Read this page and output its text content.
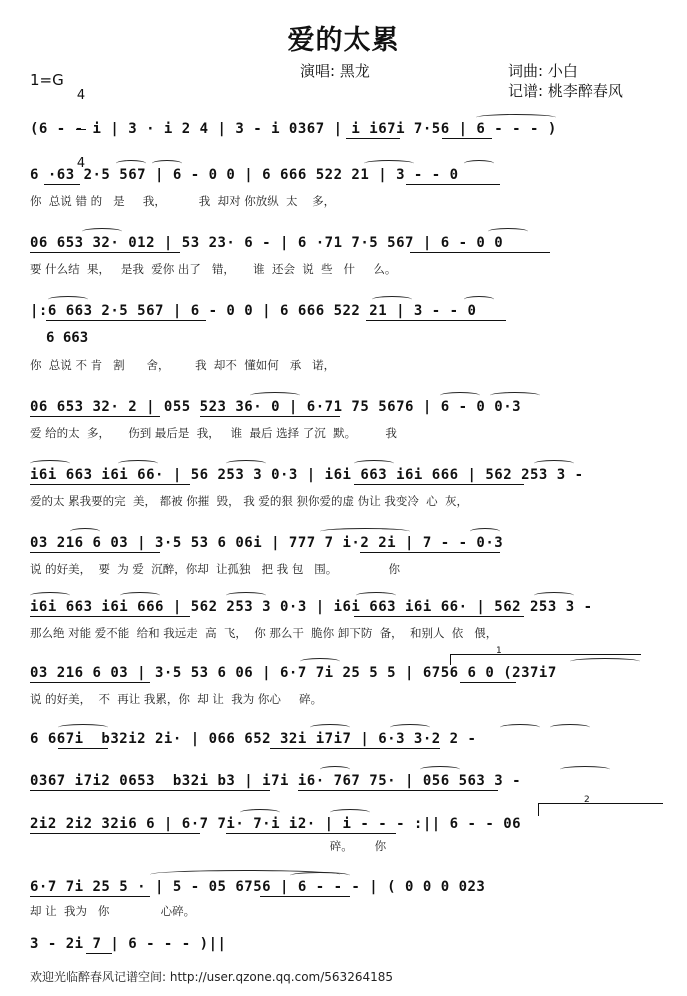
爱的太累
演唱: 黑龙	词曲: 小白
记谱: 桃李醉春风
1=G

4

4

(6 - - i | 3 · i 2 4 | 3 - i 0367 | i i67i 7·56 | 6 - - - )
6 ·63 2·5 567 | 6 - 0 0 | 6 666 522 21 | 3 - - 0
你  总说 错 的   是     我，         我  却对 你放纵  太    多，
06 653 32· 012 | 53 23· 6 - | 6 ·71 7·5 567 | 6 - 0 0
要 什么结  果，   是我  爱你 出了   错，     谁  还会  说  些   什     么。
|:6 663 2·5 567 | 6 - 0 0 | 6 666 522 21 | 3 - - 0
你  总说 不 肯   割      舍，       我  却不  懂如何   承   诺，
6 663
06 653 32· 2 | 055 523 36· 0 | 6·71 75 5676 | 6 - 0 0·3
爱 给的太  多，     伤到 最后是  我，   谁  最后 选择 了沉  默。        我
i6i 663 i6i 66· | 56 253 3 0·3 | i6i 663 i6i 666 | 562 253 3 -
爱的太 累我要的完  美， 都被 你摧  毁， 我 爱的狠 狈你爱的虚 伪让 我变冷  心  灰，
03 216 6 03 | 3·5 53 6 06i | 777 7 i·2 2i | 7 - - 0·3
说 的好美，  要  为 爱  沉醉，你却  让孤独   把 我 包   围。              你
i6i 663 i6i 666 | 562 253 3 0·3 | i6i 663 i6i 66· | 562 253 3 -
那么绝 对能 爱不能  给和 我远走  高  飞，  你 那么干  脆你 卸下防  备，  和别人  依   偎，
03 216 6 03 | 3·5 53 6 06 | 6·7 7i 25 5 5 | 6756 6 0 (237i7
说 的好美，  不  再让 我累，你  却 让  我为 你心     碎。
1
6 667i  b32i2 2i· | 066 652 32i i7i7 | 6·3 3·2 2 -
0367 i7i2 0653  b32i b3 | i7i i6· 767 75· | 056 563 3 -
2i2 2i2 32i6 6 | 6·7 7i· 7·i i2· | i - - - :|| 6 - - 06
碎。      你
2
6·7 7i 25 5 · | 5 - 05 6756 | 6 - - - | ( 0 0 0 023
却 让  我为   你              心碎。
3 - 2i 7 | 6 - - - )||
欢迎光临醉春风记谱空间: http://user.qzone.qq.com/563264185
